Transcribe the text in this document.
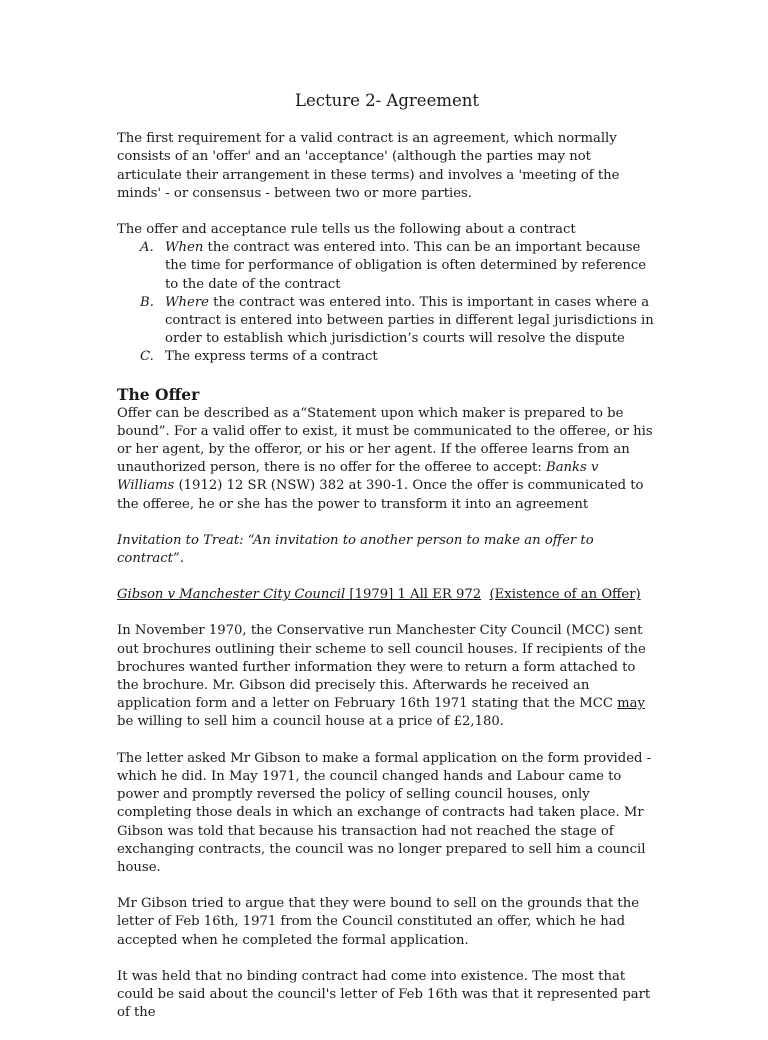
Lecture 2- Agreement

The first requirement for a valid contract is an agreement, which normally consists of an 'offer' and an 'acceptance' (although the parties may not articulate their arrangement in these terms) and involves a 'meeting of the minds' - or consensus - between two or more parties.

The offer and acceptance rule tells us the following about a contract
A. When the contract was entered into. This can be an important because the time for performance of obligation is often determined by reference to the date of the contract
B. Where the contract was entered into. This is important in cases where a contract is entered into between parties in different legal jurisdictions in order to establish which jurisdiction’s courts will resolve the dispute
C. The express terms of a contract
The Offer

Offer can be described as a“Statement upon which maker is prepared to be bound”. For a valid offer to exist, it must be communicated to the offeree, or his or her agent, by the offeror, or his or her agent. If the offeree learns from an unauthorized person, there is no offer for the offeree to accept: Banks v Williams (1912) 12 SR (NSW) 382 at 390-1. Once the offer is communicated to the offeree, he or she has the power to transform it into an agreement

Invitation to Treat: “An invitation to another person to make an offer to contract”.

Gibson v Manchester City Council [1979] 1 All ER 972 (Existence of an Offer)

In November 1970, the Conservative run Manchester City Council (MCC) sent out brochures outlining their scheme to sell council houses. If recipients of the brochures wanted further information they were to return a form attached to the brochure. Mr. Gibson did precisely this. Afterwards he received an application form and a letter on February 16th 1971 stating that the MCC may be willing to sell him a council house at a price of £2,180.

The letter asked Mr Gibson to make a formal application on the form provided - which he did. In May 1971, the council changed hands and Labour came to power and promptly reversed the policy of selling council houses, only completing those deals in which an exchange of contracts had taken place. Mr Gibson was told that because his transaction had not reached the stage of exchanging contracts, the council was no longer prepared to sell him a council house.

Mr Gibson tried to argue that they were bound to sell on the grounds that the letter of Feb 16th, 1971 from the Council constituted an offer, which he had accepted when he completed the formal application.

It was held that no binding contract had come into existence. The most that could be said about the council's letter of Feb 16th was that it represented part of the
